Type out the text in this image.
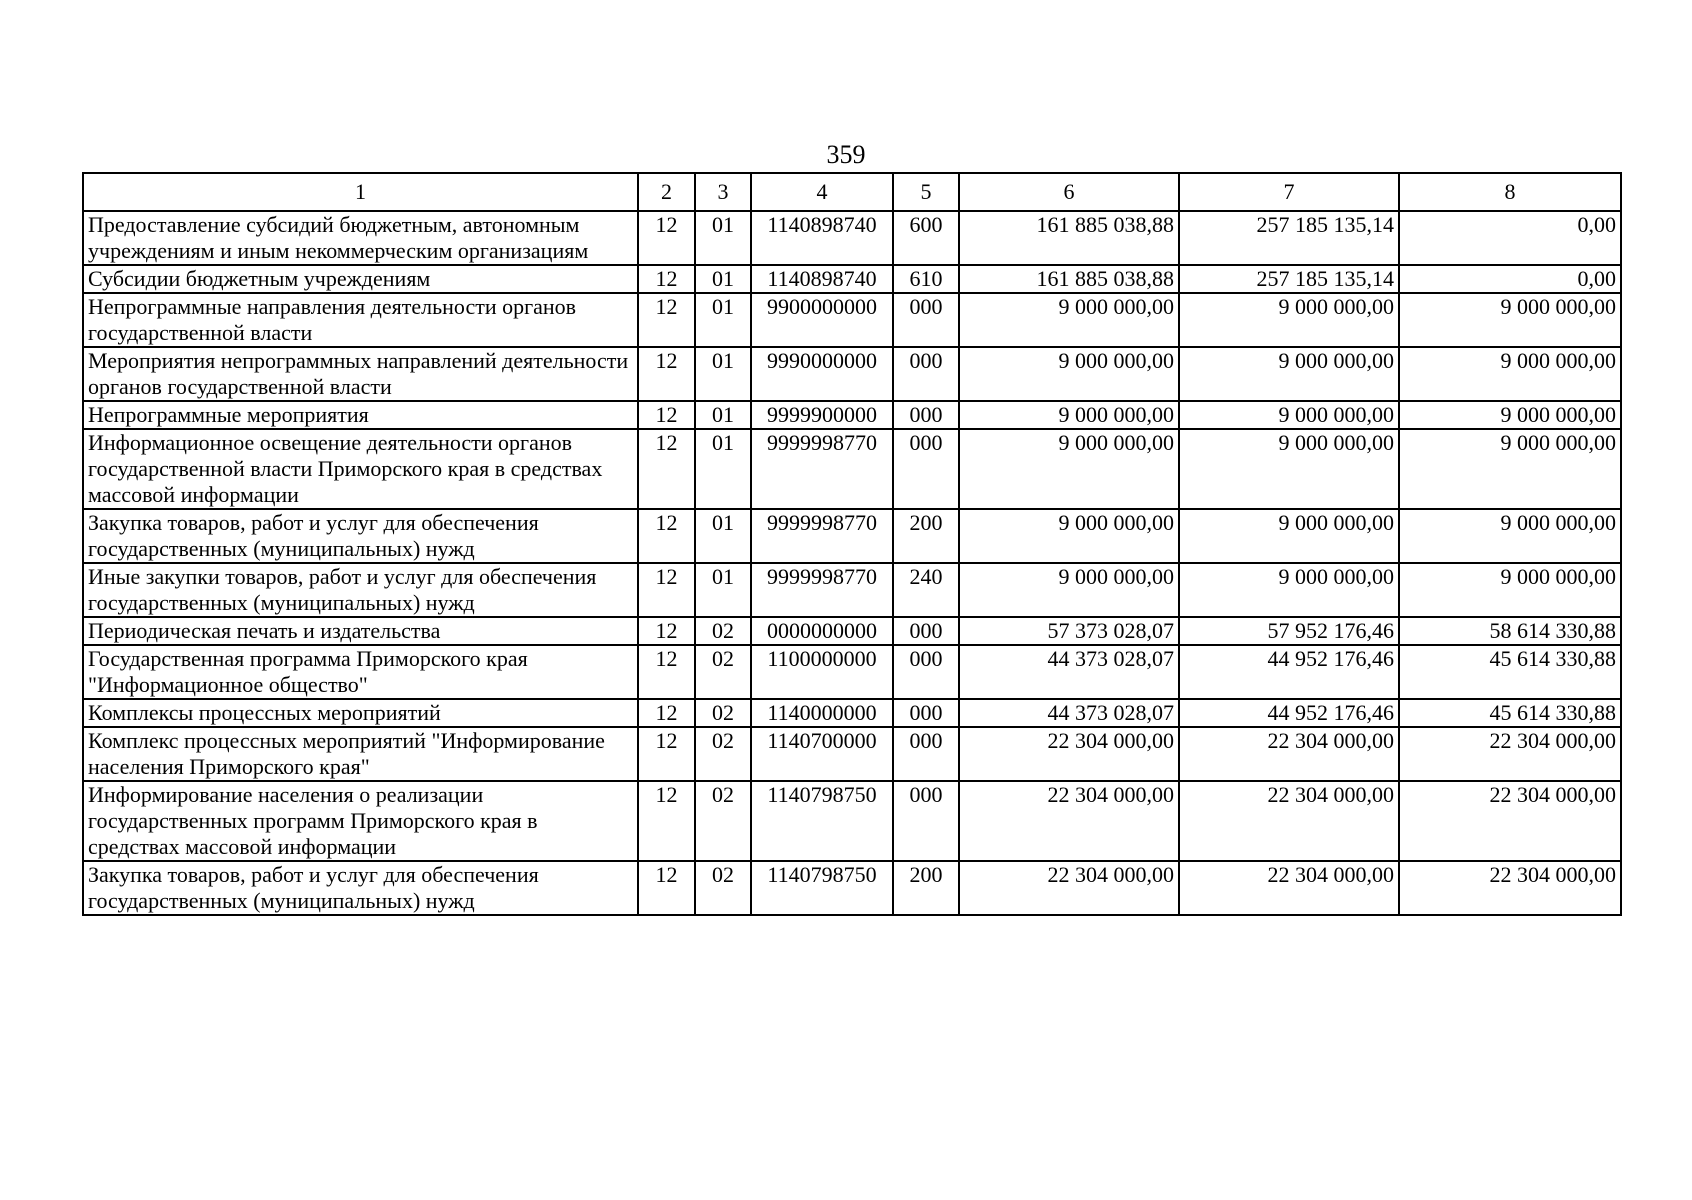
359
1	2	3	4	5	6	7	8
Предоставление субсидий бюджетным, автономным учреждениям и иным некоммерческим организациям	12	01	1140898740	600	161 885 038,88	257 185 135,14	0,00
Субсидии бюджетным учреждениям	12	01	1140898740	610	161 885 038,88	257 185 135,14	0,00
Непрограммные направления деятельности органов государственной власти	12	01	9900000000	000	9 000 000,00	9 000 000,00	9 000 000,00
Мероприятия непрограммных направлений деятельности органов государственной власти	12	01	9990000000	000	9 000 000,00	9 000 000,00	9 000 000,00
Непрограммные мероприятия	12	01	9999900000	000	9 000 000,00	9 000 000,00	9 000 000,00
Информационное освещение деятельности органов государственной власти Приморского края в средствах массовой информации	12	01	9999998770	000	9 000 000,00	9 000 000,00	9 000 000,00
Закупка товаров, работ и услуг для обеспечения государственных (муниципальных) нужд	12	01	9999998770	200	9 000 000,00	9 000 000,00	9 000 000,00
Иные закупки товаров, работ и услуг для обеспечения государственных (муниципальных) нужд	12	01	9999998770	240	9 000 000,00	9 000 000,00	9 000 000,00
Периодическая печать и издательства	12	02	0000000000	000	57 373 028,07	57 952 176,46	58 614 330,88
Государственная программа Приморского края "Информационное общество"	12	02	1100000000	000	44 373 028,07	44 952 176,46	45 614 330,88
Комплексы процессных мероприятий	12	02	1140000000	000	44 373 028,07	44 952 176,46	45 614 330,88
Комплекс процессных мероприятий "Информирование населения Приморского края"	12	02	1140700000	000	22 304 000,00	22 304 000,00	22 304 000,00
Информирование населения о реализации государственных программ Приморского края в средствах массовой информации	12	02	1140798750	000	22 304 000,00	22 304 000,00	22 304 000,00
Закупка товаров, работ и услуг для обеспечения государственных (муниципальных) нужд	12	02	1140798750	200	22 304 000,00	22 304 000,00	22 304 000,00
